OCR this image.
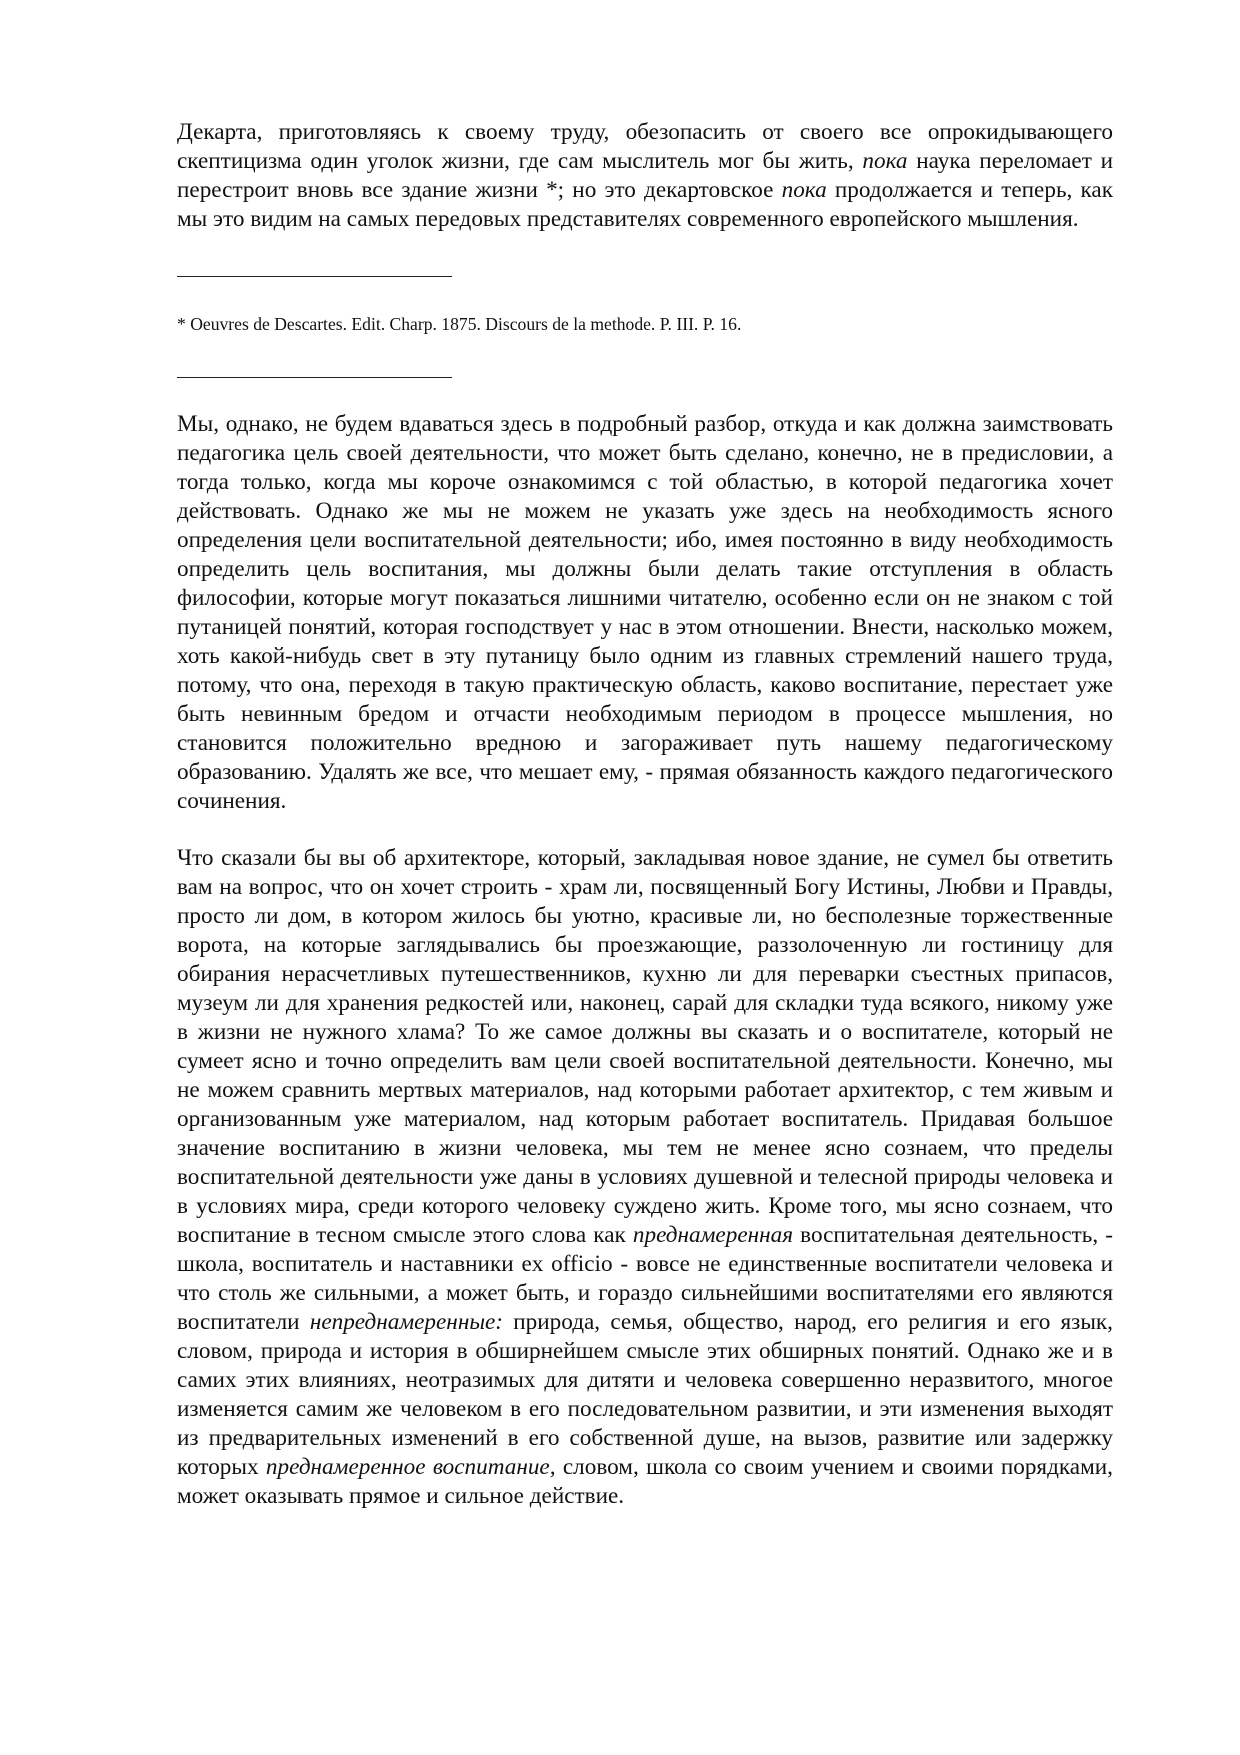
Декарта, приготовляясь к своему труду, обезопасить от своего все опрокидывающего скептицизма один уголок жизни, где сам мыслитель мог бы жить, пока наука переломает и перестроит вновь все здание жизни *; но это декартовское пока продолжается и теперь, как мы это видим на самых передовых представителях современного европейского мышления.

* Oeuvres de Descartes. Edit. Charp. 1875. Discours de la methode. P. III. P. 16.

Мы, однако, не будем вдаваться здесь в подробный разбор, откуда и как должна заимствовать педагогика цель своей деятельности, что может быть сделано, конечно, не в предисловии, а тогда только, когда мы короче ознакомимся с той областью, в которой педагогика хочет действовать. Однако же мы не можем не указать уже здесь на необходимость ясного определения цели воспитательной деятельности; ибо, имея постоянно в виду необходимость определить цель воспитания, мы должны были делать такие отступления в область философии, которые могут показаться лишними читателю, особенно если он не знаком с той путаницей понятий, которая господствует у нас в этом отношении. Внести, насколько можем, хоть какой-нибудь свет в эту путаницу было одним из главных стремлений нашего труда, потому, что она, переходя в такую практическую область, каково воспитание, перестает уже быть невинным бредом и отчасти необходимым периодом в процессе мышления, но становится положительно вредною и загораживает путь нашему педагогическому образованию. Удалять же все, что мешает ему, - прямая обязанность каждого педагогического сочинения.

Что сказали бы вы об архитекторе, который, закладывая новое здание, не сумел бы ответить вам на вопрос, что он хочет строить - храм ли, посвященный Богу Истины, Любви и Правды, просто ли дом, в котором жилось бы уютно, красивые ли, но бесполезные торжественные ворота, на которые заглядывались бы проезжающие, раззолоченную ли гостиницу для обирания нерасчетливых путешественников, кухню ли для переварки съестных припасов, музеум ли для хранения редкостей или, наконец, сарай для складки туда всякого, никому уже в жизни не нужного хлама? То же самое должны вы сказать и о воспитателе, который не сумеет ясно и точно определить вам цели своей воспитательной деятельности. Конечно, мы не можем сравнить мертвых материалов, над которыми работает архитектор, с тем живым и организованным уже материалом, над которым работает воспитатель. Придавая большое значение воспитанию в жизни человека, мы тем не менее ясно сознаем, что пределы воспитательной деятельности уже даны в условиях душевной и телесной природы человека и в условиях мира, среди которого человеку суждено жить. Кроме того, мы ясно сознаем, что воспитание в тесном смысле этого слова как преднамеренная воспитательная деятельность, - школа, воспитатель и наставники ex officio - вовсе не единственные воспитатели человека и что столь же сильными, а может быть, и гораздо сильнейшими воспитателями его являются воспитатели непреднамеренные: природа, семья, общество, народ, его религия и его язык, словом, природа и история в обширнейшем смысле этих обширных понятий. Однако же и в самих этих влияниях, неотразимых для дитяти и человека совершенно неразвитого, многое изменяется самим же человеком в его последовательном развитии, и эти изменения выходят из предварительных изменений в его собственной душе, на вызов, развитие или задержку которых преднамеренное воспитание, словом, школа со своим учением и своими порядками, может оказывать прямое и сильное действие.
